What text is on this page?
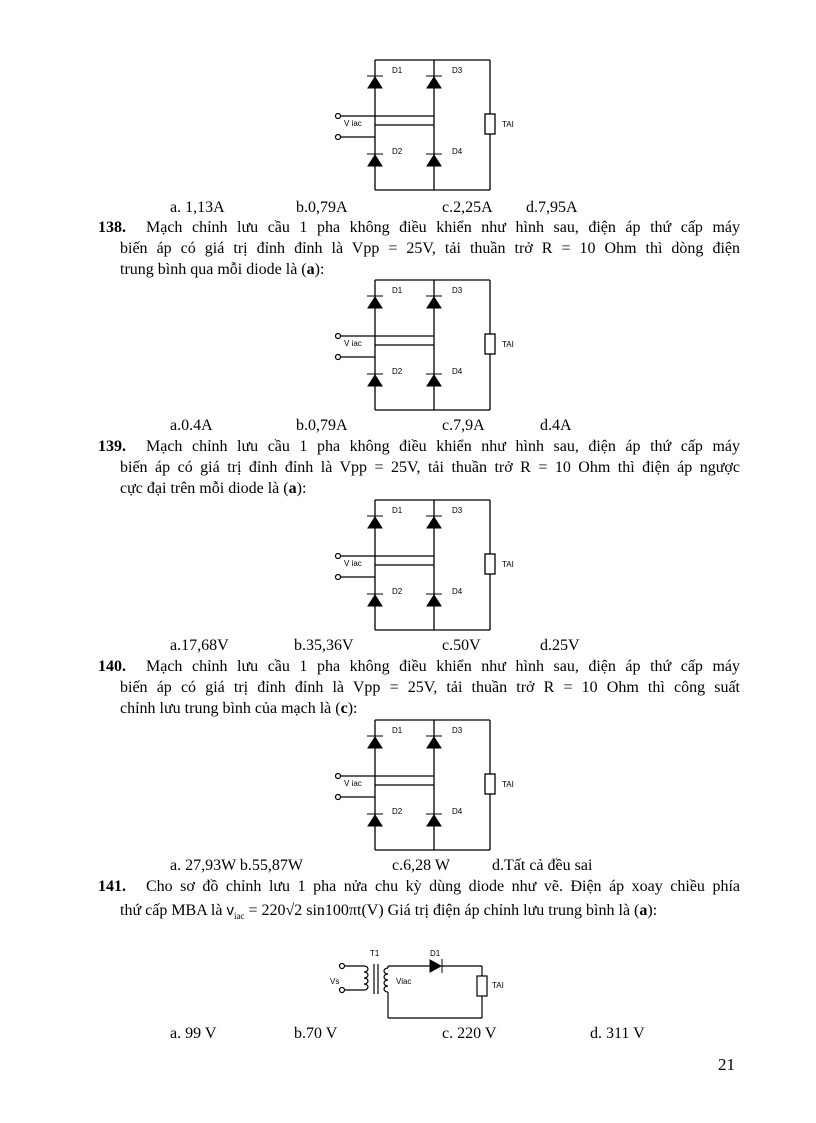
D1	D3
D2	D4
V iac	TAI
a. 1,13A	b.0,79A	c.2,25A d.7,95A
138. Mạch chỉnh lưu cầu 1 pha không điều khiển như hình sau, điện áp thứ cấp máy
biến áp có giá trị đỉnh đỉnh là Vpp = 25V, tải thuần trở R = 10 Ohm thì dòng điện
trung bình qua mỗi diode là (a):
D1	D3
D2	D4
V iac	TAI
a.0.4A	b.0,79A	c.7,9A	d.4A
139. Mạch chỉnh lưu cầu 1 pha không điều khiển như hình sau, điện áp thứ cấp máy
biến áp có giá trị đỉnh đỉnh là Vpp = 25V, tải thuần trở R = 10 Ohm thì điện áp ngược
cực đại trên mỗi diode là (a):
D1	D3
D2	D4
V iac	TAI
a.17,68V	b.35,36V	c.50V	d.25V
140. Mạch chỉnh lưu cầu 1 pha không điều khiển như hình sau, điện áp thứ cấp máy
biến áp có giá trị đỉnh đỉnh là Vpp = 25V, tải thuần trở R = 10 Ohm thì công suất
chỉnh lưu trung bình của mạch là (c):
D1	D3
D2	D4
V iac	TAI
a. 27,93W b.55,87W	c.6,28 W	d.Tất cả đều sai
141. Cho sơ đồ chỉnh lưu 1 pha nửa chu kỳ dùng diode như vẽ. Điện áp xoay chiều phía
thứ cấp MBA là $v_{iac} = 220√2$ sin100πt(V) Giá trị điện áp chỉnh lưu trung bình là (a):
T1	D1
Vs	Viac	TAI
a. 99 V	b.70 V	c. 220 V	d. 311 V
21
